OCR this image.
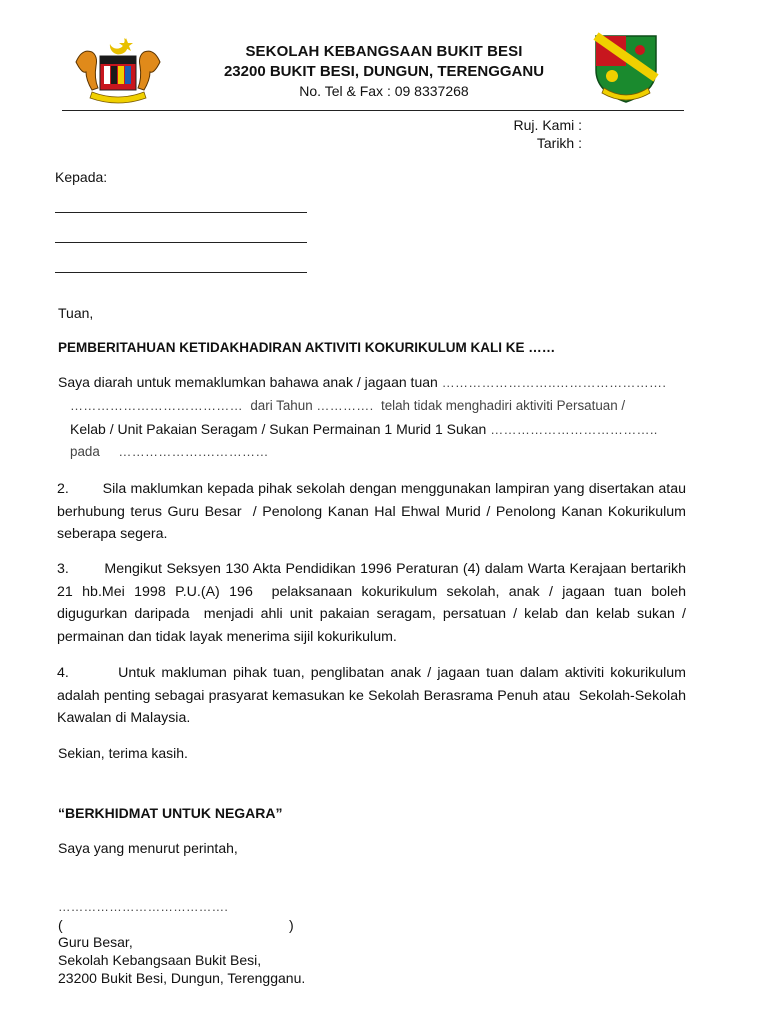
SEKOLAH KEBANGSAAN BUKIT BESI
23200 BUKIT BESI, DUNGUN, TERENGGANU
No. Tel & Fax : 09 8337268
Ruj. Kami :
Tarikh :
Kepada:
Tuan,
PEMBERITAHUAN KETIDAKHADIRAN AKTIVITI KOKURIKULUM KALI KE ……
Saya diarah untuk memaklumkan bahawa anak / jagaan tuan ……………………..…………………….
………………………………… dari Tahun …………. telah tidak menghadiri aktiviti Persatuan /
Kelab / Unit Pakaian Seragam / Sukan Permainan 1 Murid 1 Sukan ………………………………..
pada ……………….……………
2.        Sila maklumkan kepada pihak sekolah dengan menggunakan lampiran yang disertakan atau berhubung terus Guru Besar  / Penolong Kanan Hal Ehwal Murid / Penolong Kanan Kokurikulum seberapa segera.
3.        Mengikut Seksyen 130 Akta Pendidikan 1996 Peraturan (4) dalam Warta Kerajaan bertarikh 21 hb.Mei 1998 P.U.(A) 196  pelaksanaan kokurikulum sekolah, anak / jagaan tuan boleh digugurkan daripada  menjadi ahli unit pakaian seragam, persatuan / kelab dan kelab sukan / permainan dan tidak layak menerima sijil kokurikulum.
4.        Untuk makluman pihak tuan, penglibatan anak / jagaan tuan dalam aktiviti kokurikulum adalah penting sebagai prasyarat kemasukan ke Sekolah Berasrama Penuh atau  Sekolah-Sekolah Kawalan di Malaysia.
Sekian, terima kasih.
“BERKHIDMAT UNTUK NEGARA”
Saya yang menurut perintah,
………………………………….
(	)
Guru Besar,
Sekolah Kebangsaan Bukit Besi,
23200 Bukit Besi, Dungun, Terengganu.
